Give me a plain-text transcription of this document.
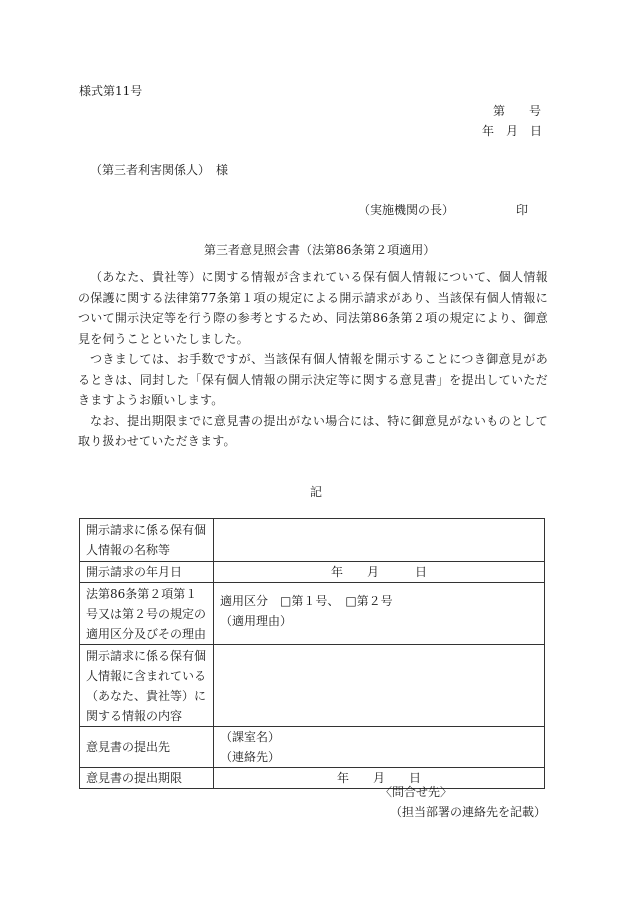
様式第11号
第　　号
年　月　日
（第三者利害関係人）　様
（実施機関の長）	印
第三者意見照会書（法第86条第２項適用）

（あなた、貴社等）に関する情報が含まれている保有個人情報について、個人情報の保護に関する法律第77条第１項の規定による開示請求があり、当該保有個人情報について開示決定等を行う際の参考とするため、同法第86条第２項の規定により、御意見を伺うことといたしました。

つきましては、お手数ですが、当該保有個人情報を開示することにつき御意見があるときは、同封した「保有個人情報の開示決定等に関する意見書」を提出していただきますようお願いします。

なお、提出期限までに意見書の提出がない場合には、特に御意見がないものとして取り扱わせていただきます。

記
開示請求に係る保有個人情報の名称等	
開示請求の年月日	年　　月　　　日
法第86条第２項第１号又は第２号の規定の適用区分及びその理由	適用区分　□第１号、　□第２号
（適用理由）

開示請求に係る保有個人情報に含まれている（あなた、貴社等）に関する情報の内容	
意見書の提出先	（課室名）
（連絡先）

意見書の提出期限	年　　月　　日
〈問合せ先〉
（担当部署の連絡先を記載）
